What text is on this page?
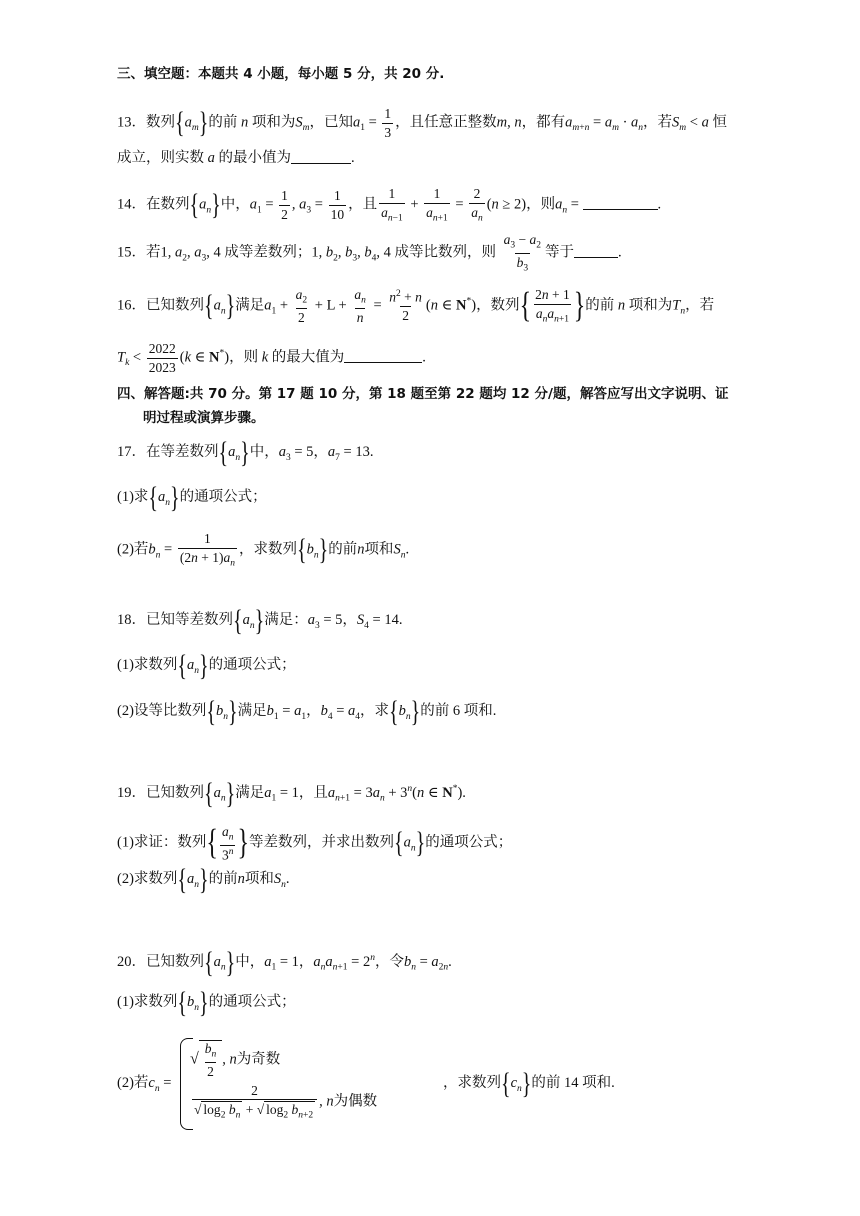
三、填空题：本题共 4 小题，每小题 5 分，共 20 分.
13．数列$\{a_m\}$的前 n 项和为$S_m$，已知$a_1 = \frac{1}{3}$ ，且任意正整数m, n，都有$a_{m+n} = a_m \cdot a_n$，若$S_m < a$ 恒
成立，则实数 a 的最小值为	.
14．在数列$\{a_n\}$中，$a_1 = \frac{1}{2}$ , $a_3 = \frac{1}{10}$ ，且 $\frac{1}{a_{n-1}} + \frac{1}{a_{n+1}} = \frac{2}{a_n} (n \ge 2)$，则$a_n$ =	.
15．若1, $a_2$, $a_3$, 4 成等差数列；1, $b_2$, $b_3$, $b_4$, 4 成等比数列，则 $\frac{a_3 - a_2}{b_3}$ 等于	.
16．已知数列$\{a_n\}$满足$a_1 + \frac{a_2}{2} + L + \frac{a_n}{n} = \frac{n^2 + n}{2} (n$ ∈ N*)，数列{ $\frac{2n + 1}{a_na_{n+1}}$ }的前 n 项和为$T_n$，若
$T_k < \frac{2022}{2023} (k$ ∈ N*)，则 k 的最大值为	.
四、解答题:共 70 分。第 17 题 10 分，第 18 题至第 22 题均 12 分/题，解答应写出文字说明、证
明过程或演算步骤。
17．在等差数列$\{a_n\}$中，$a_3 = 5$，$a_7 = 13$.
(1)求$\{a_n\}$的通项公式；
(2)若$b_n = \frac{1}{(2n + 1)a_n}$ ，求数列$\{b_n\}$的前n项和$S_n$.
18．已知等差数列$\{a_n\}$满足：$a_3 = 5$，$S_4 = 14$.
(1)求数列$\{a_n\}$的通项公式；
(2)设等比数列$\{b_n\}$满足$b_1 = a_1$，$b_4 = a_4$，求$\{b_n\}$的前 6 项和.
19．已知数列$\{a_n\}$满足$a_1 = 1$，且$a_{n+1} = 3a_n + 3^n(n$ ∈ N*).
(1)求证：数列{ $\frac{a_n}{3^n}$ }等差数列，并求出数列$\{a_n\}$的通项公式；
(2)求数列$\{a_n\}$的前n项和$S_n$.
20．已知数列$\{a_n\}$中，$a_1 = 1$，$a_na_{n+1} = 2^n$，令$b_n = a_{2n}$.
(1)求数列$\{b_n\}$的通项公式；
(2)若$c_n$ =
√ $\frac{b_n}{2}$ , n为奇数
$\frac{2}{√ \log_2 b_n + √ \log_2 b_{n+2}}$ , n为偶数
，求数列$\{c_n\}$的前 14 项和.
